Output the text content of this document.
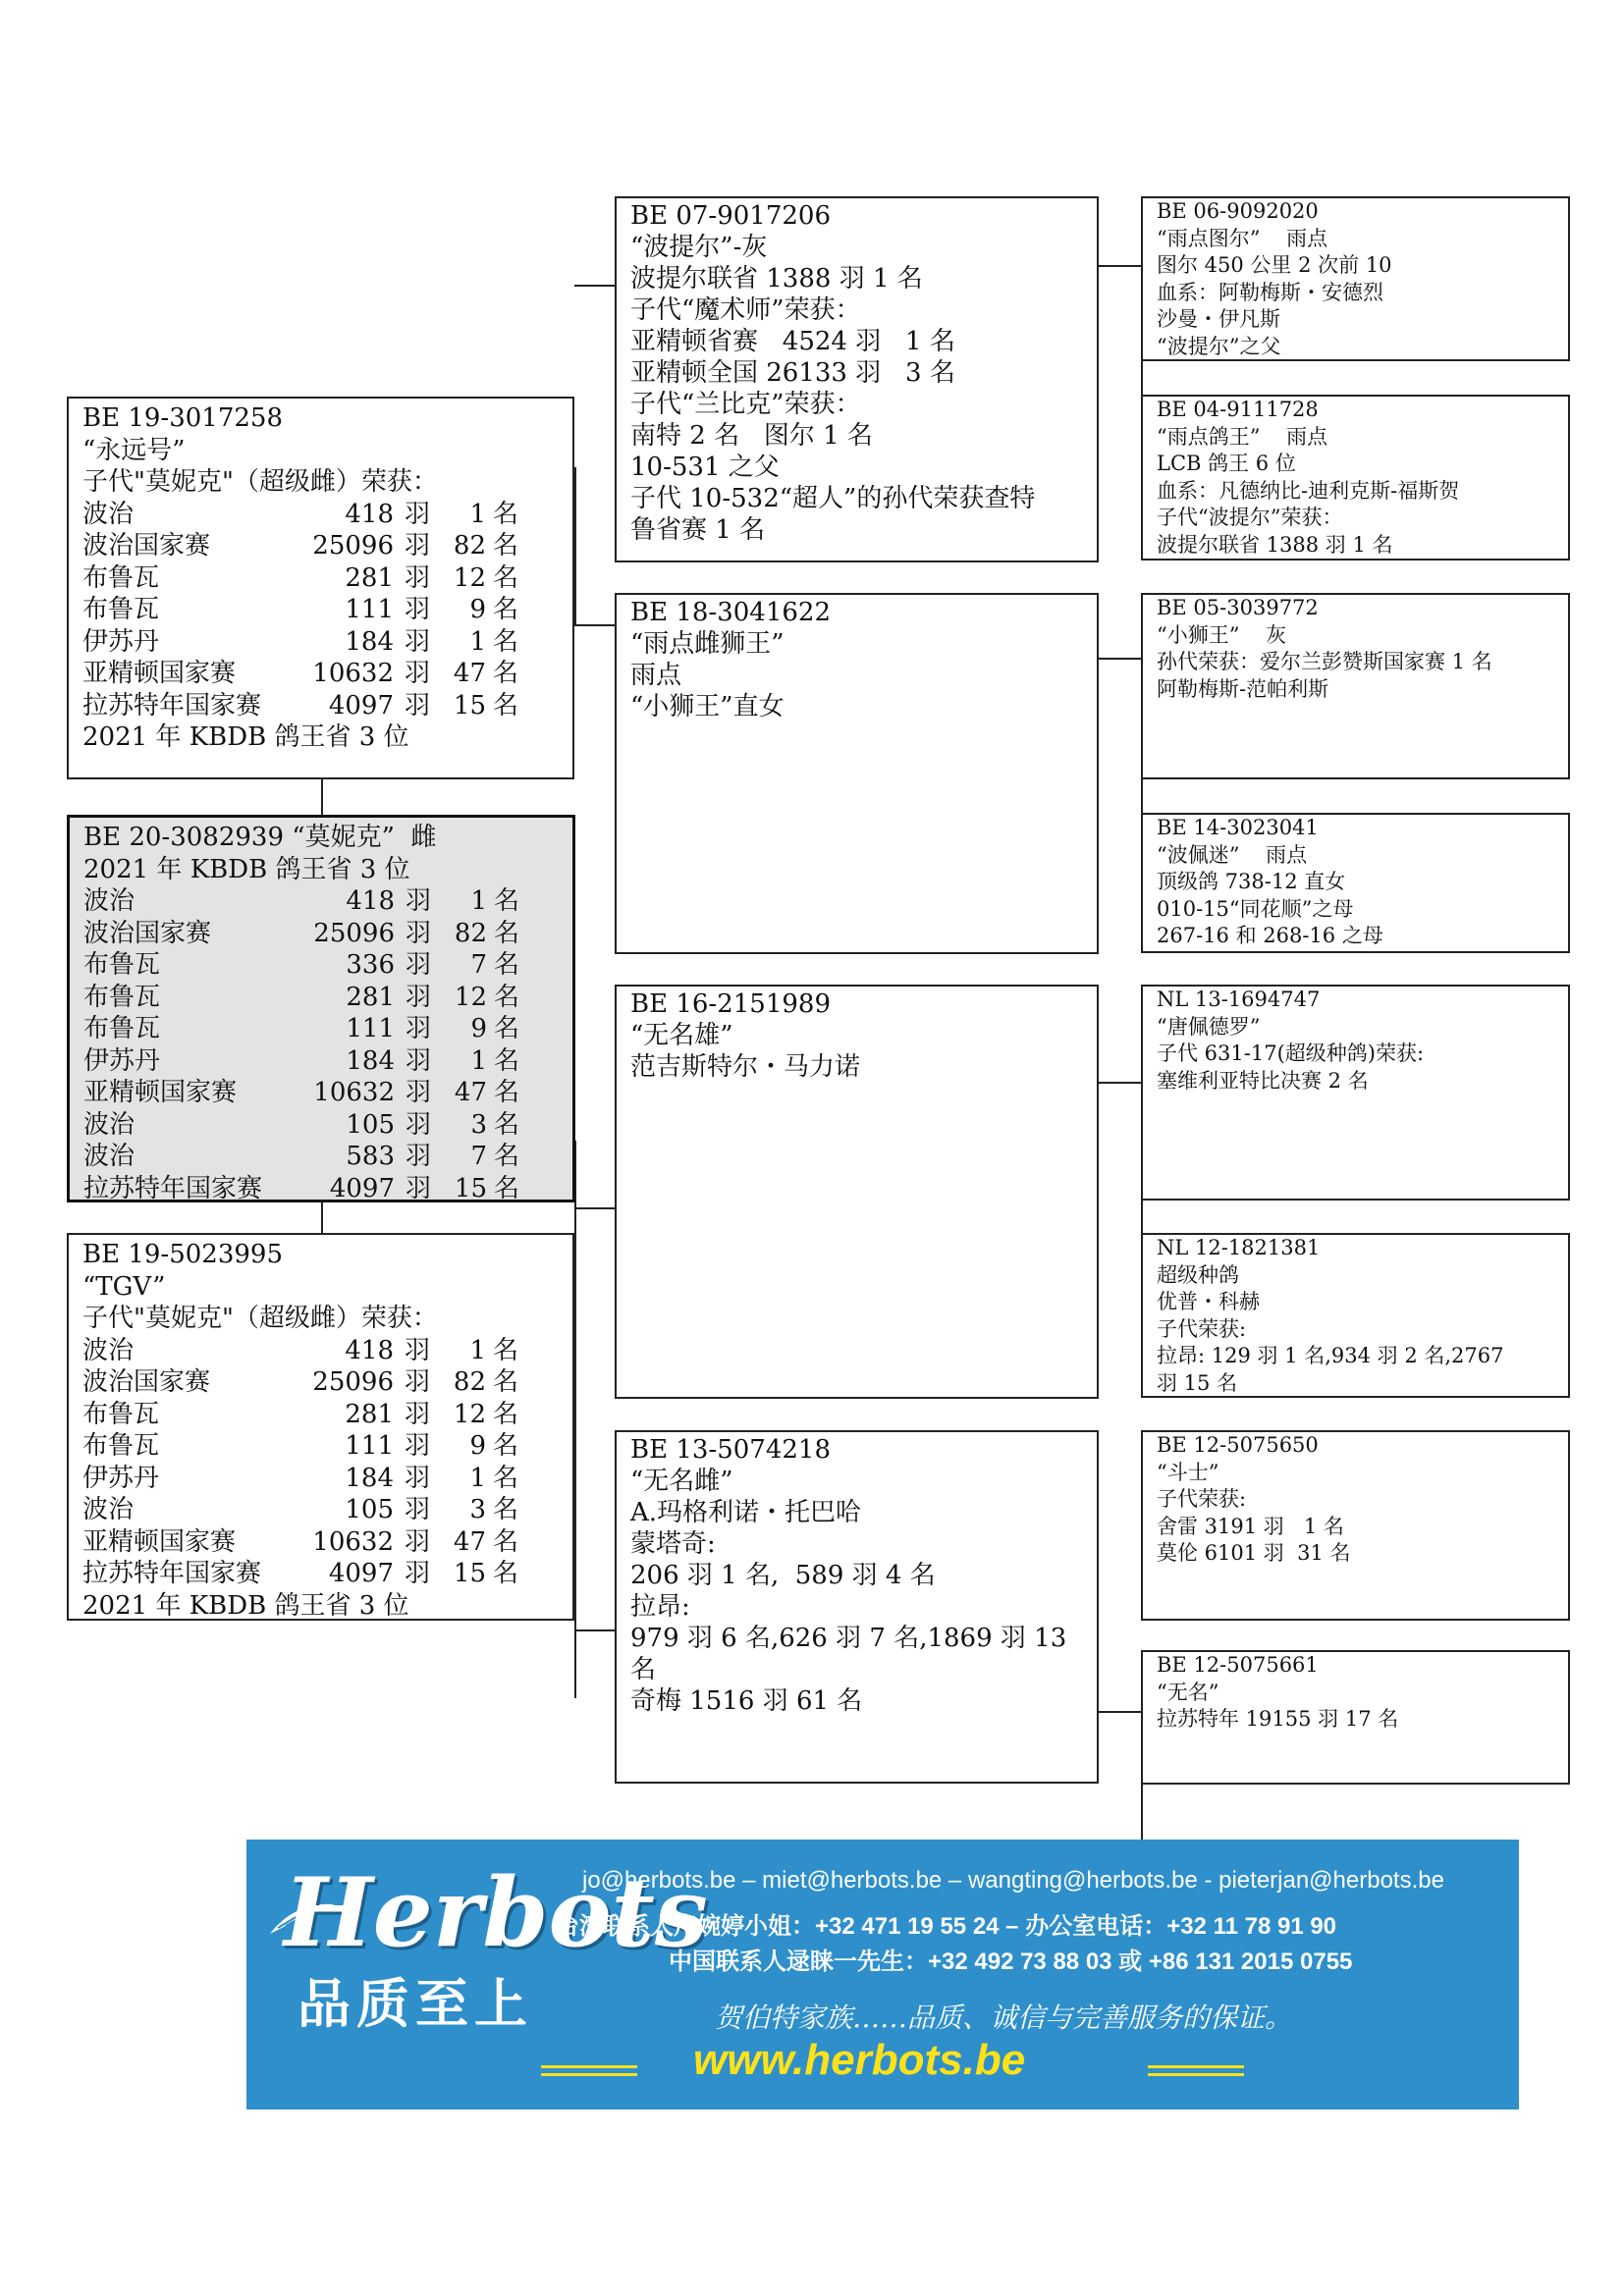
BE 19-3017258
“永远号”
子代"莫妮克"（超级雌）荣获：
波治	418 羽	1 名
波治国家赛	25096 羽 82 名
布鲁瓦	281 羽 12 名
布鲁瓦	111 羽	9 名
伊苏丹	184 羽	1 名
亚精顿国家赛	10632 羽 47 名
拉苏特年国家赛	4097 羽 15 名
2021 年 KBDB 鸽王省 3 位
BE 20-3082939 “莫妮克”  雌
2021 年 KBDB 鸽王省 3 位
波治	418 羽	1 名
波治国家赛	25096 羽 82 名
布鲁瓦	336 羽	7 名
布鲁瓦	281 羽 12 名
布鲁瓦	111 羽	9 名
伊苏丹	184 羽	1 名
亚精顿国家赛	10632 羽 47 名
波治	105 羽	3 名
波治	583 羽	7 名
拉苏特年国家赛	4097 羽 15 名
BE 19-5023995
“TGV”
子代"莫妮克"（超级雌）荣获：
波治	418 羽	1 名
波治国家赛	25096 羽 82 名
布鲁瓦	281 羽 12 名
布鲁瓦	111 羽	9 名
伊苏丹	184 羽	1 名
波治	105 羽	3 名
亚精顿国家赛	10632 羽 47 名
拉苏特年国家赛	4097 羽 15 名
2021 年 KBDB 鸽王省 3 位
BE 07-9017206
“波提尔”-灰
波提尔联省 1388 羽 1 名
子代“魔术师”荣获：
亚精顿省赛   4524 羽   1 名
亚精顿全国 26133 羽   3 名
子代“兰比克”荣获：
南特 2 名   图尔 1 名
10-531 之父
子代 10-532“超人”的孙代荣获查特
鲁省赛 1 名
BE 18-3041622
“雨点雌狮王”
雨点
“小狮王”直女
BE 16-2151989
“无名雄”
范吉斯特尔・马力诺
BE 13-5074218
“无名雌”
A.玛格利诺・托巴哈
蒙塔奇:
206 羽 1 名,  589 羽 4 名
拉昂:
979 羽 6 名,626 羽 7 名,1869 羽 13
名
奇梅 1516 羽 61 名
BE 06-9092020
“雨点图尔”    雨点
图尔 450 公里 2 次前 10
血系：阿勒梅斯・安德烈
沙曼・伊凡斯
“波提尔”之父
BE 04-9111728
“雨点鸽王”    雨点
LCB 鸽王 6 位
血系：凡德纳比-迪利克斯-福斯贺
子代“波提尔”荣获：
波提尔联省 1388 羽 1 名
BE 05-3039772
“小狮王”    灰
孙代荣获：爱尔兰彭赞斯国家赛 1 名
阿勒梅斯-范帕利斯
BE 14-3023041
“波佩迷”    雨点
顶级鸽 738-12 直女
010-15“同花顺”之母
267-16 和 268-16 之母
NL 13-1694747
“唐佩德罗”
子代 631-17(超级种鸽)荣获:
塞维利亚特比决赛 2 名
NL 12-1821381
超级种鸽
优普・科赫
子代荣获:
拉昂: 129 羽 1 名,934 羽 2 名,2767
羽 15 名
BE 12-5075650
“斗士”
子代荣获:
舍雷 3191 羽   1 名
莫伦 6101 羽  31 名
BE 12-5075661
“无名”
拉苏特年 19155 羽 17 名
Herbots
品质至上
jo@herbots.be – miet@herbots.be – wangting@herbots.be - pieterjan@herbots.be
台湾联系人卢婉婷小姐：+32 471 19 55 24 – 办公室电话：+32 11 78 91 90
中国联系人逯睐一先生：+32 492 73 88 03 或 +86 131 2015 0755
贺伯特家族……品质、诚信与完善服务的保证。
www.herbots.be
